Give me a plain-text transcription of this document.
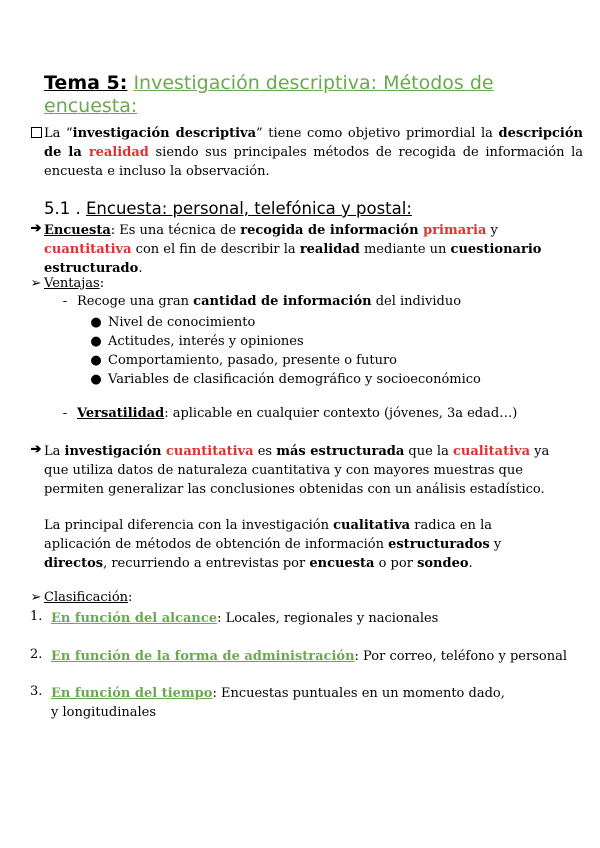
Tema 5: Investigación descriptiva: Métodos de encuesta:
La “investigación descriptiva” tiene como objetivo primordial la descripción de la realidad siendo sus principales métodos de recogida de información la encuesta e incluso la observación.
5.1 . Encuesta: personal, telefónica y postal:
➔ Encuesta: Es una técnica de recogida de información primaria y cuantitativa con el fin de describir la realidad mediante un cuestionario estructurado.
➢ Ventajas:
- Recoge una gran cantidad de información del individuo
● Nivel de conocimiento
● Actitudes, interés y opiniones
● Comportamiento, pasado, presente o futuro
● Variables de clasificación demográfico y socioeconómico
- Versatilidad: aplicable en cualquier contexto (jóvenes, 3a edad…)
➔ La investigación cuantitativa es más estructurada que la cualitativa ya que utiliza datos de naturaleza cuantitativa y con mayores muestras que permiten generalizar las conclusiones obtenidas con un análisis estadístico.
La principal diferencia con la investigación cualitativa radica en la aplicación de métodos de obtención de información estructurados y directos, recurriendo a entrevistas por encuesta o por sondeo.
➢ Clasificación:
1. En función del alcance: Locales, regionales y nacionales
2. En función de la forma de administración: Por correo, teléfono y personal
3. En función del tiempo: Encuestas puntuales en un momento dado, y longitudinales
